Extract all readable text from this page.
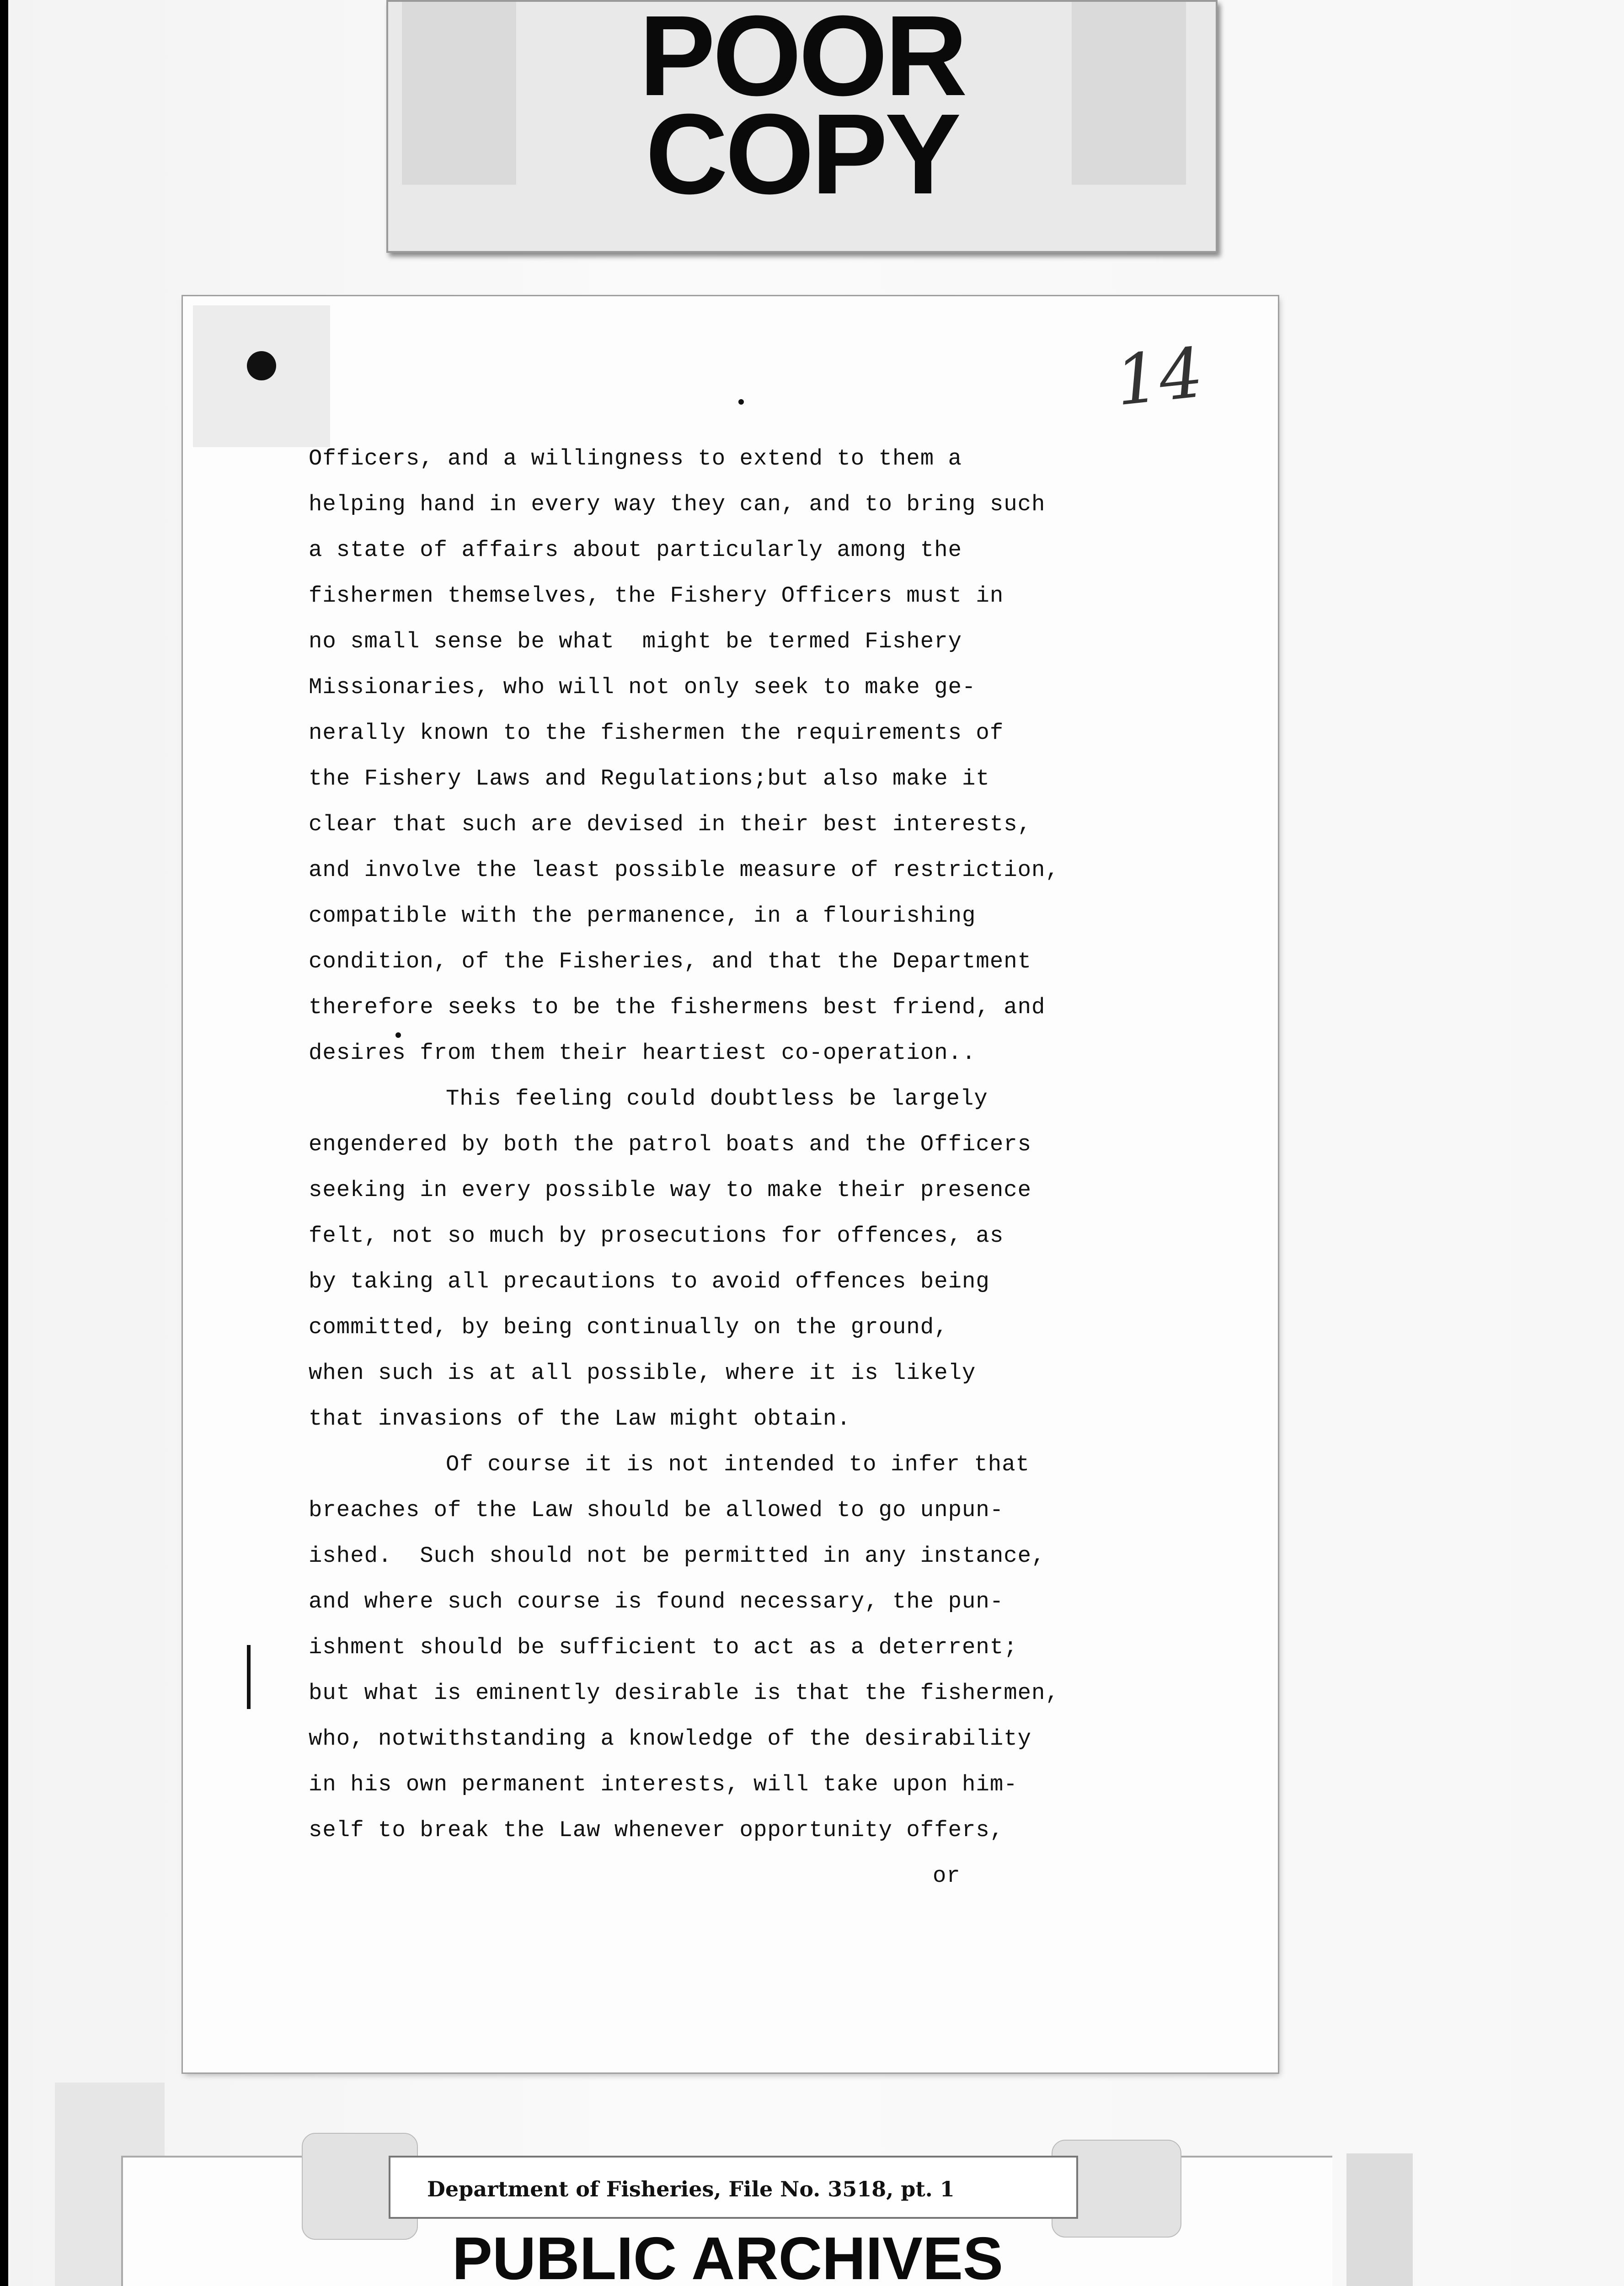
POOR
COPY
14
Officers, and a willingness to extend to them a
helping hand in every way they can, and to bring such
a state of affairs about particularly among the
fishermen themselves, the Fishery Officers must in
no small sense be what  might be termed Fishery
Missionaries, who will not only seek to make ge-
nerally known to the fishermen the requirements of
the Fishery Laws and Regulations;but also make it
clear that such are devised in their best interests,
and involve the least possible measure of restriction,
compatible with the permanence, in a flourishing
condition, of the Fisheries, and that the Department
therefore seeks to be the fishermens best friend, and
desires from them their heartiest co-operation..
This feeling could doubtless be largely
engendered by both the patrol boats and the Officers
seeking in every possible way to make their presence
felt, not so much by prosecutions for offences, as
by taking all precautions to avoid offences being
committed, by being continually on the ground,
when such is at all possible, where it is likely
that invasions of the Law might obtain.
Of course it is not intended to infer that
breaches of the Law should be allowed to go unpun-
ished.  Such should not be permitted in any instance,
and where such course is found necessary, the pun-
ishment should be sufficient to act as a deterrent;
but what is eminently desirable is that the fishermen,
who, notwithstanding a knowledge of the desirability
in his own permanent interests, will take upon him-
self to break the Law whenever opportunity offers,
or
PUBLIC ARCHIVES
Department of Fisheries, File No. 3518, pt. 1
